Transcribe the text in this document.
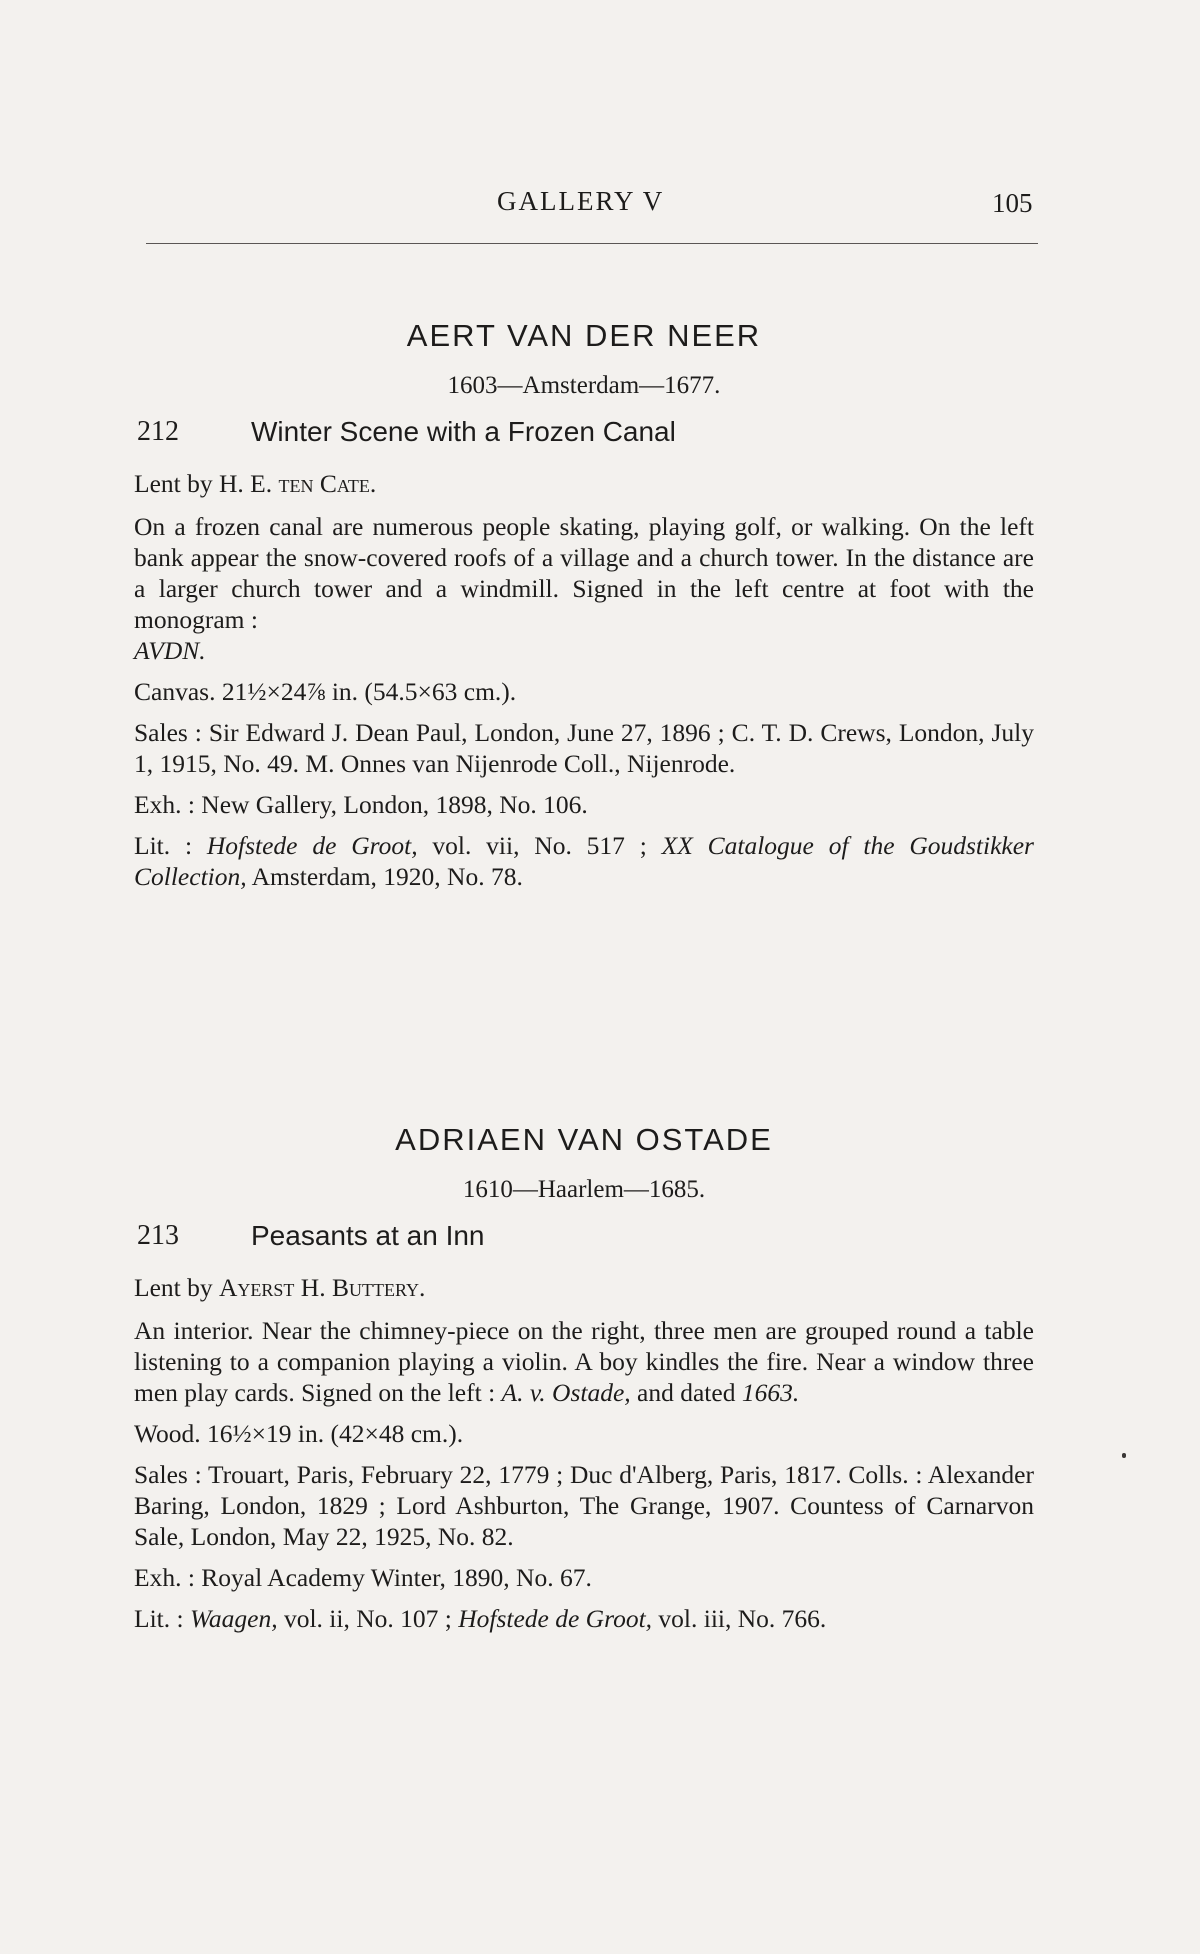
GALLERY V	105
AERT VAN DER NEER
1603—Amsterdam—1677.
212	Winter Scene with a Frozen Canal
Lent by H. E. ten Cate.
On a frozen canal are numerous people skating, playing golf, or walking. On the left bank appear the snow-covered roofs of a village and a church tower. In the distance are a larger church tower and a windmill. Signed in the left centre at foot with the monogram :
AVDN.
Canvas. 21½×24⅞ in. (54.5×63 cm.).
Sales : Sir Edward J. Dean Paul, London, June 27, 1896 ; C. T. D. Crews, London, July 1, 1915, No. 49. M. Onnes van Nijenrode Coll., Nijenrode.
Exh. : New Gallery, London, 1898, No. 106.
Lit. : Hofstede de Groot, vol. vii, No. 517 ; XX Catalogue of the Goudstikker Collection, Amsterdam, 1920, No. 78.
ADRIAEN VAN OSTADE
1610—Haarlem—1685.
213	Peasants at an Inn
Lent by Ayerst H. Buttery.
An interior. Near the chimney-piece on the right, three men are grouped round a table listening to a companion playing a violin. A boy kindles the fire. Near a window three men play cards. Signed on the left : A. v. Ostade, and dated 1663.
Wood. 16½×19 in. (42×48 cm.).
Sales : Trouart, Paris, February 22, 1779 ; Duc d'Alberg, Paris, 1817. Colls. : Alexander Baring, London, 1829 ; Lord Ashburton, The Grange, 1907. Countess of Carnarvon Sale, London, May 22, 1925, No. 82.
Exh. : Royal Academy Winter, 1890, No. 67.
Lit. : Waagen, vol. ii, No. 107 ; Hofstede de Groot, vol. iii, No. 766.
